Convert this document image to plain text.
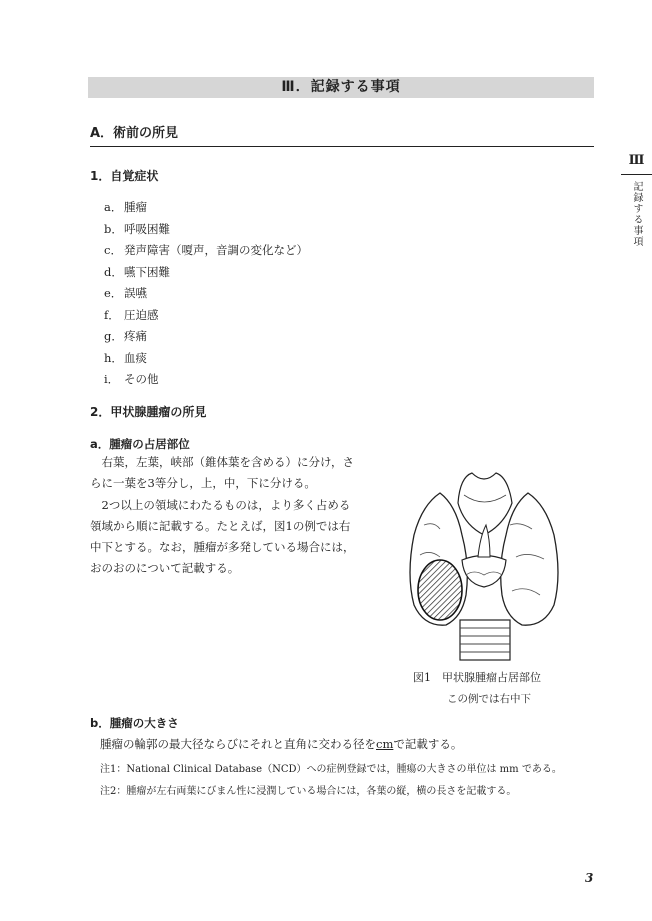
Ⅲ．記録する事項
A．術前の所見
Ⅲ
記録する事項
1．自覚症状
a． 腫瘤
b．呼吸困難
c． 発声障害（嗄声，音調の変化など）
d．嚥下困難
e． 誤嚥
f． 圧迫感
g．疼痛
h．血痰
i． その他
2．甲状腺腫瘤の所見
a．腫瘤の占居部位

右葉，左葉，峡部（錐体葉を含める）に分け，さらに一葉を3等分し，上，中，下に分ける。

2つ以上の領域にわたるものは，より多く占める領域から順に記載する。たとえば，図1の例では右中下とする。なお，腫瘤が多発している場合には，おのおのについて記載する。

図1　甲状腺腫瘤占居部位
この例では右中下
b．腫瘤の大きさ
腫瘤の輪郭の最大径ならびにそれと直角に交わる径をcmで記載する。
注1：National Clinical Database（NCD）への症例登録では，腫瘍の大きさの単位は mm である。
注2：腫瘤が左右両葉にびまん性に浸潤している場合には，各葉の縦，横の長さを記載する。
3
